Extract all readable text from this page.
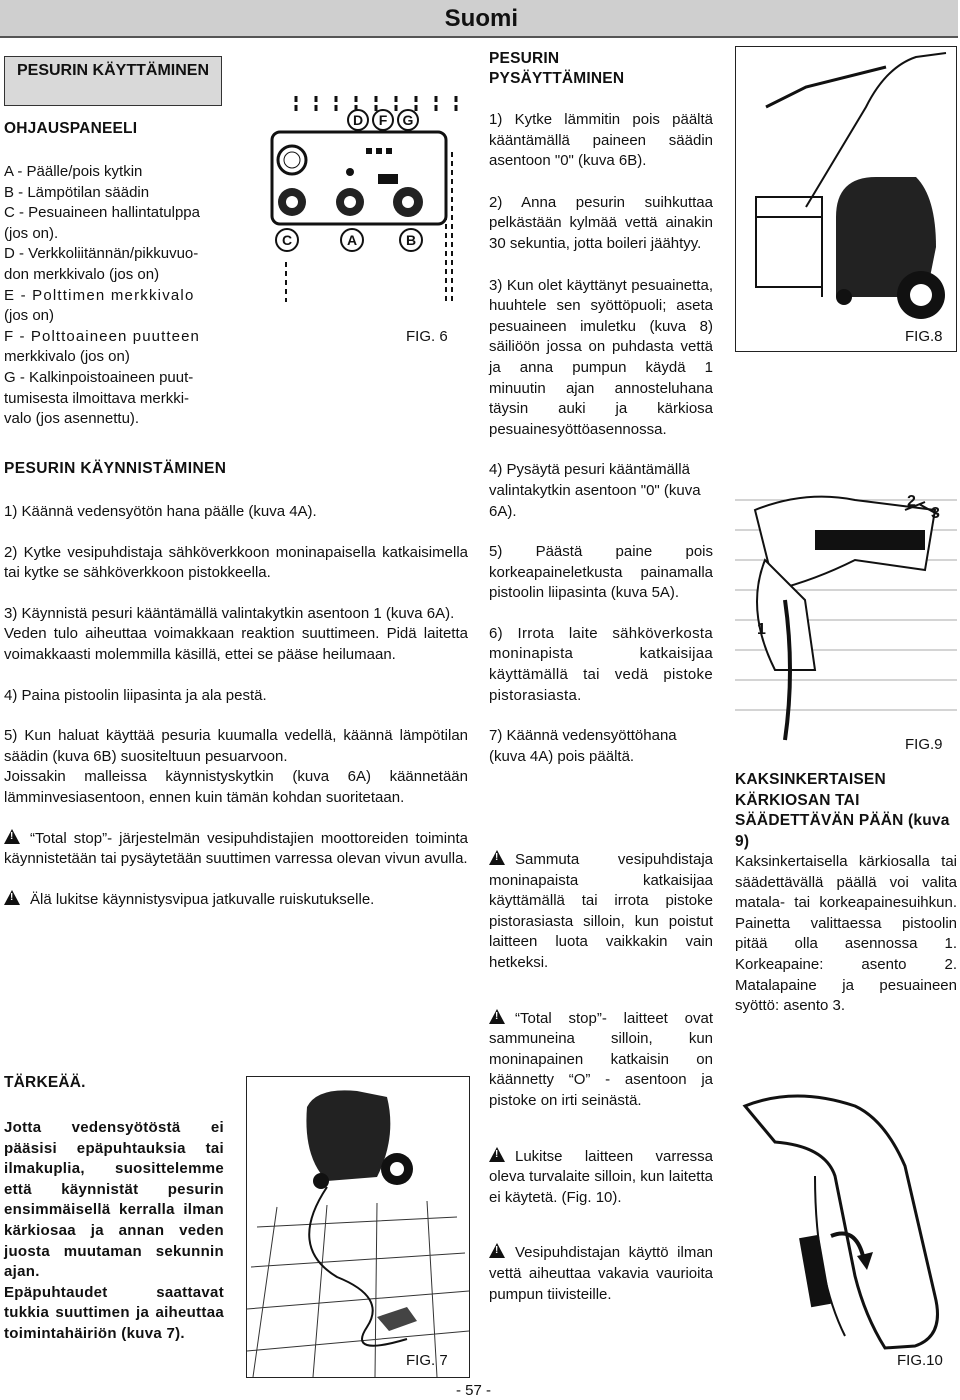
Suomi
PESURIN KÄYTTÄMINEN
OHJAUSPANEELI
A - Päälle/pois kytkin
B - Lämpötilan säädin
C - Pesuaineen hallintatulppa
(jos on).
D - Verkkoliitännän/pikkuvuo-
don merkkivalo (jos on)
E - Polttimen merkkivalo
(jos on)
F - Polttoaineen puutteen
merkkivalo (jos on)
G - Kalkinpoistoaineen puut-
tumisesta ilmoittava merkki-
valo (jos asennettu).
D F G
C	A	B
FIG. 6
PESURIN KÄYNNISTÄMINEN

1) Käännä vedensyötön hana päälle (kuva 4A).

2) Kytke vesipuhdistaja sähköverkkoon moninapaisella katkaisimella tai kytke se sähköverkkoon pistokkeella.

3) Käynnistä pesuri kääntämällä valintakytkin asentoon 1 (kuva 6A).

Veden tulo aiheuttaa voimakkaan reaktion suuttimeen. Pidä laitetta voimakkaasti molemmilla käsillä, ettei se pääse heilumaan.

4) Paina pistoolin liipasinta ja ala pestä.

5) Kun haluat käyttää pesuria kuumalla vedellä, käännä lämpötilan säädin (kuva 6B) suositeltuun pesuarvoon.

Joissakin malleissa käynnistyskytkin (kuva 6A) käännetään lämminvesiasentoon, ennen kuin tämän kohdan suoritetaan.

!“Total stop”- järjestelmän vesipuhdistajien moottoreiden toiminta käynnistetään tai pysäytetään suuttimen varressa olevan vivun avulla.

!Älä lukitse käynnistysvipua jatkuvalle ruiskutukselle.

TÄRKEÄÄ.

Jotta vedensyötöstä ei pääsisi epäpuhtauksia tai ilmakuplia, suosittelemme että käynnistät pesurin ensimmäisellä kerralla ilman kärkiosaa ja annan veden juosta muutaman sekunnin ajan.

Epäpuhtaudet saattavat tukkia suuttimen ja aiheuttaa toimintahäiriön (kuva 7).

FIG. 7
PESURIN PYSÄYTTÄMINEN

1) Kytke lämmitin pois päältä kääntämällä paineen säädin asentoon "0" (kuva 6B).

2) Anna pesurin suihkuttaa pelkästään kylmää vettä ainakin 30 sekuntia, jotta boileri jäähtyy.

3) Kun olet käyttänyt pesuainetta, huuhtele sen syöttöpuoli; aseta pesuaineen imuletku (kuva 8) säiliöön jossa on puhdasta vettä ja anna pumpun käydä 1 minuutin ajan annosteluhana täysin auki ja kärkiosa pesuainesyöttöasennossa.

4) Pysäytä pesuri kääntämällä valintakytkin asentoon "0" (kuva 6A).

5) Päästä paine pois korkeapaineletkusta painamalla pistoolin liipasinta (kuva 5A).

6) Irrota laite sähköverkosta moninapista katkaisijaa käyttämällä tai vedä pistoke pistorasiasta.

7) Käännä vedensyöttöhana (kuva 4A) pois päältä.

!Sammuta vesipuhdistaja moninapaista katkaisijaa käyttämällä tai irrota pistoke pistorasiasta silloin, kun poistut laitteen luota vaikkakin vain hetkeksi.

!“Total stop”- laitteet ovat sammuneina silloin, kun moninapainen katkaisin on käännetty “O” - asentoon ja pistoke on irti seinästä.

!Lukitse laitteen varressa oleva turvalaite silloin, kun laitetta ei käytetä. (Fig. 10).

!Vesipuhdistajan käyttö ilman vettä aiheuttaa vakavia vaurioita pumpun tiivisteille.

FIG.8
2
3
1
FIG.9
KAKSINKERTAISEN KÄRKIOSAN TAI SÄÄDETTÄVÄN PÄÄN (kuva 9)
Kaksinkertaisella kärkiosalla tai säädettävällä päällä voi valita matala- tai korkeapainesuihkun. Painetta valittaessa pistoolin pitää olla asennossa 1. Korkeapaine: asento 2. Matalapaine ja pesuaineen syöttö: asento 3.
FIG.10
- 57 -
